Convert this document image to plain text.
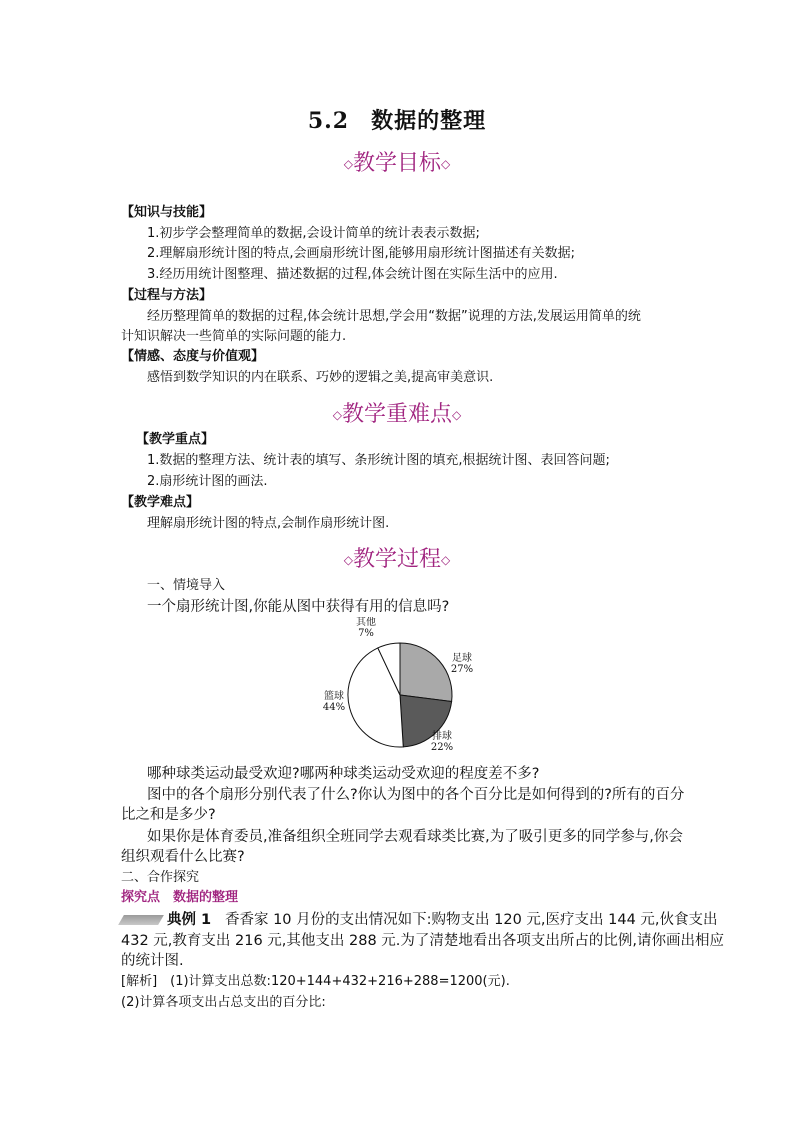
5.2 数据的整理
◇教学目标◇
【知识与技能】
1.初步学会整理简单的数据,会设计简单的统计表表示数据;
2.理解扇形统计图的特点,会画扇形统计图,能够用扇形统计图描述有关数据;
3.经历用统计图整理、描述数据的过程,体会统计图在实际生活中的应用.
【过程与方法】
经历整理简单的数据的过程,体会统计思想,学会用“数据”说理的方法,发展运用简单的统
计知识解决一些简单的实际问题的能力.
【情感、态度与价值观】
感悟到数学知识的内在联系、巧妙的逻辑之美,提高审美意识.
◇教学重难点◇
【教学重点】
1.数据的整理方法、统计表的填写、条形统计图的填充,根据统计图、表回答问题;
2.扇形统计图的画法.
【教学难点】
理解扇形统计图的特点,会制作扇形统计图.
◇教学过程◇
一、情境导入
一个扇形统计图,你能从图中获得有用的信息吗?
足球
27%
排球
22%
篮球
44%
其他
7%
哪种球类运动最受欢迎?哪两种球类运动受欢迎的程度差不多?
图中的各个扇形分别代表了什么?你认为图中的各个百分比是如何得到的?所有的百分
比之和是多少?
如果你是体育委员,准备组织全班同学去观看球类比赛,为了吸引更多的同学参与,你会
组织观看什么比赛?
二、合作探究
探究点　数据的整理
典例 1 香香家 10 月份的支出情况如下:购物支出 120 元,医疗支出 144 元,伙食支出
432 元,教育支出 216 元,其他支出 288 元.为了清楚地看出各项支出所占的比例,请你画出相应
的统计图.
[解析]　(1)计算支出总数:120+144+432+216+288=1200(元).
(2)计算各项支出占总支出的百分比:
